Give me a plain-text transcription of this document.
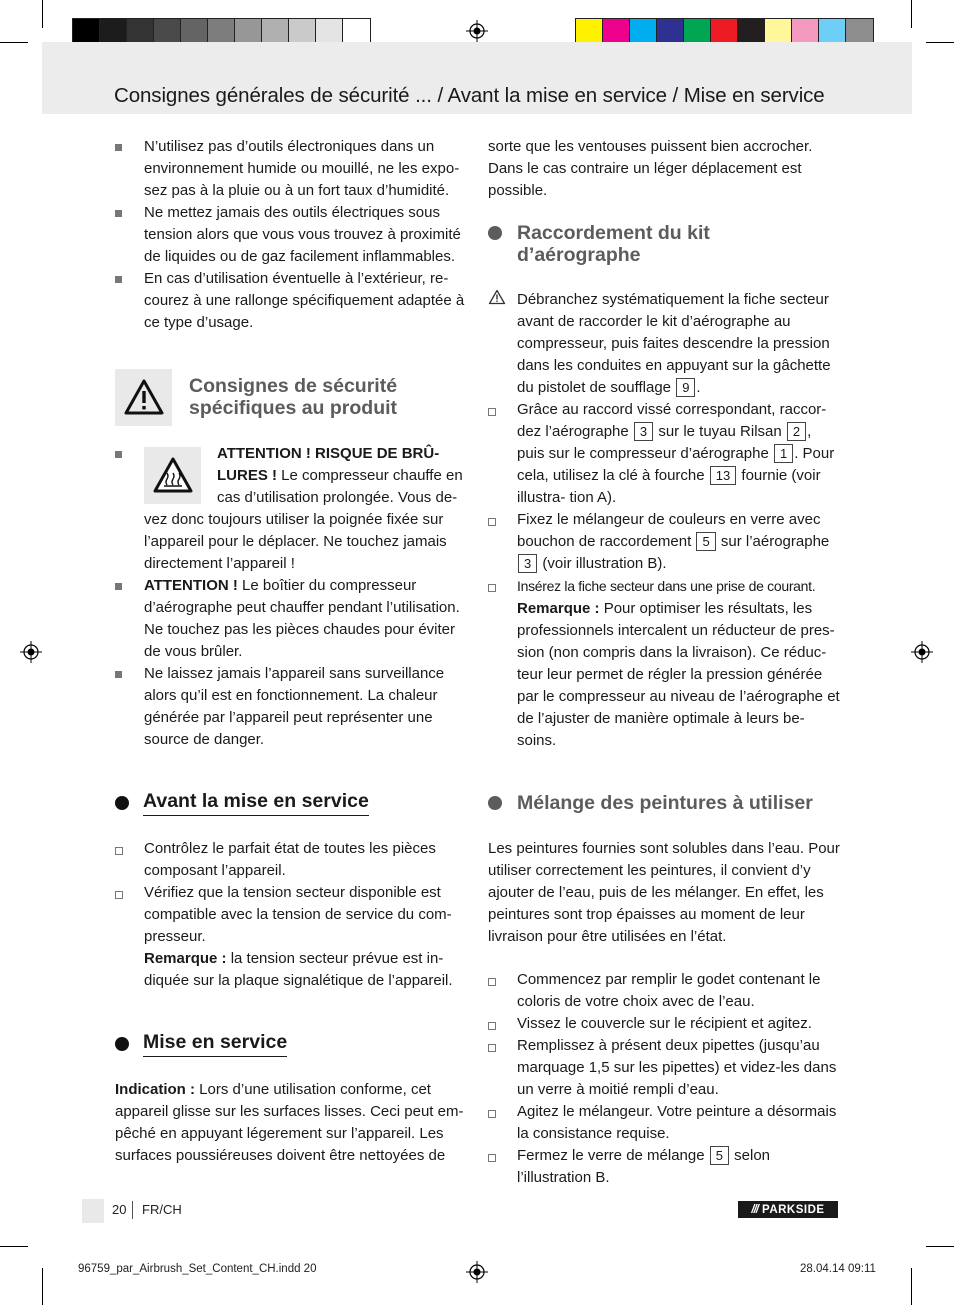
Consignes générales de sécurité ... / Avant la mise en service / Mise en service

N’utilisez pas d’outils électroniques dans un environnement humide ou mouillé, ne les expo- sez pas à la pluie ou à un fort taux d’humidité.

Ne mettez jamais des outils électriques sous tension alors que vous vous trouvez à proximité de liquides ou de gaz facilement inflammables.

En cas d’utilisation éventuelle à l’extérieur, re- courez à une rallonge spécifiquement adaptée à ce type d’usage.

Consignes de sécurité
spécifiques au produit

ATTENTION ! RISQUE DE BRÛ-

LURES ! Le compresseur chauffe en

cas d’utilisation prolongée. Vous de-

vez donc toujours utiliser la poignée fixée sur l’appareil pour le déplacer. Ne touchez jamais directement l’appareil !

ATTENTION ! Le boîtier du compresseur d’aérographe peut chauffer pendant l’utilisation. Ne touchez pas les pièces chaudes pour éviter de vous brûler.

Ne laissez jamais l’appareil sans surveillance alors qu’il est en fonctionnement. La chaleur générée par l’appareil peut représenter une source de danger.

Avant la mise en service

Contrôlez le parfait état de toutes les pièces composant l’appareil.

Vérifiez que la tension secteur disponible est compatible avec la tension de service du com- presseur.

Remarque : la tension secteur prévue est in- diquée sur la plaque signalétique de l’appareil.

Mise en service

Indication : Lors d’une utilisation conforme, cet appareil glisse sur les surfaces lisses. Ceci peut em- pêché en appuyant légerement sur l’appareil. Les surfaces poussiéreuses doivent être nettoyées de

sorte que les ventouses puissent bien accrocher. Dans le cas contraire un léger déplacement est possible.

Raccordement du kit
d’aérographe

Débranchez systématiquement la fiche secteur avant de raccorder le kit d’aérographe au compresseur, puis faites descendre la pression dans les conduites en appuyant sur la gâchette du pistolet de soufflage 9 .

Grâce au raccord vissé correspondant, raccor- dez l’aérographe 3 sur le tuyau Rilsan 2 , puis sur le compresseur d’aérographe 1 . Pour cela, utilisez la clé à fourche 13 fournie (voir illustra- tion A).

Fixez le mélangeur de couleurs en verre avec bouchon de raccordement 5 sur l’aérographe 3 (voir illustration B).

Insérez la fiche secteur dans une prise de courant.

Remarque : Pour optimiser les résultats, les professionnels intercalent un réducteur de pres- sion (non compris dans la livraison). Ce réduc- teur leur permet de régler la pression générée par le compresseur au niveau de l’aérographe et de l’ajuster de manière optimale à leurs be- soins.

Mélange des peintures à utiliser

Les peintures fournies sont solubles dans l’eau. Pour utiliser correctement les peintures, il convient d’y ajouter de l’eau, puis de les mélanger. En effet, les peintures sont trop épaisses au moment de leur livraison pour être utilisées en l’état.

Commencez par remplir le godet contenant le coloris de votre choix avec de l’eau.

Vissez le couvercle sur le récipient et agitez.

Remplissez à présent deux pipettes (jusqu’au marquage 1,5 sur les pipettes) et videz-les dans un verre à moitié rempli d’eau.

Agitez le mélangeur. Votre peinture a désormais la consistance requise.

Fermez le verre de mélange 5 selon l’illustration B.

20 FR/CH	/// PARKSIDE
96759_par_Airbrush_Set_Content_CH.indd 20	28.04.14 09:11
